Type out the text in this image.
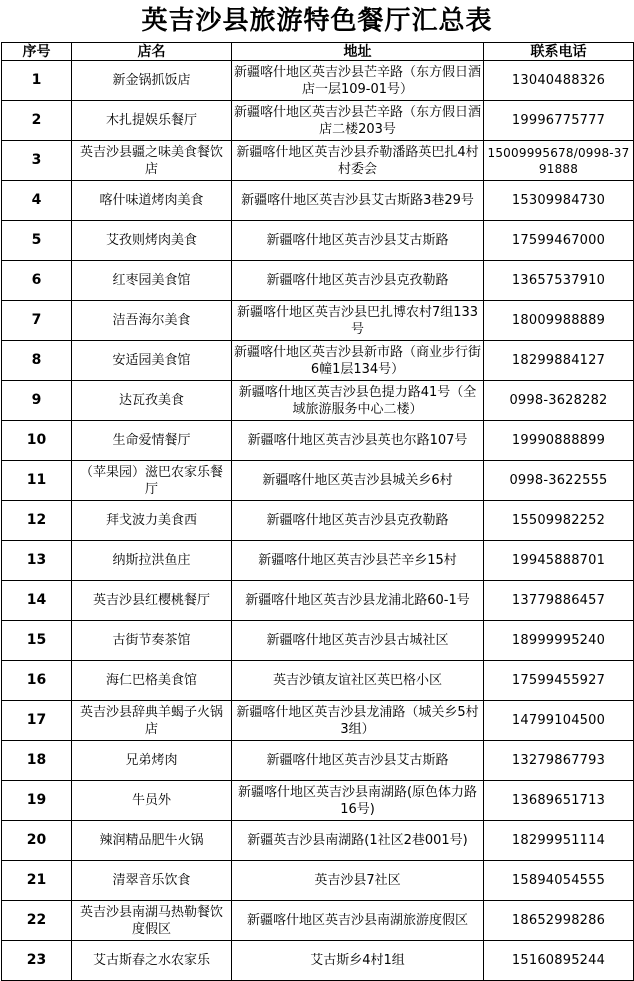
英吉沙县旅游特色餐厅汇总表
序号	店名	地址	联系电话
1	新金锅抓饭店	新疆喀什地区英吉沙县芒辛路（东方假日酒店一层109-01号）	13040488326
2	木扎提娱乐餐厅	新疆喀什地区英吉沙县芒辛路（东方假日酒店二楼203号	19996775777
3	英吉沙县疆之味美食餐饮店	新疆喀什地区英吉沙县乔勒潘路英巴扎4村村委会	15009995678/0998-3791888
4	喀什味道烤肉美食	新疆喀什地区英吉沙县艾古斯路3巷29号	15309984730
5	艾孜则烤肉美食	新疆喀什地区英吉沙县艾古斯路	17599467000
6	红枣园美食馆	新疆喀什地区英吉沙县克孜勒路	13657537910
7	洁吾海尔美食	新疆喀什地区英吉沙县巴扎博农村7组133号	18009988889
8	安适园美食馆	新疆喀什地区英吉沙县新市路（商业步行街6幢1层134号）	18299884127
9	达瓦孜美食	新疆喀什地区英吉沙县色提力路41号（全域旅游服务中心二楼）	0998-3628282
10	生命爱情餐厅	新疆喀什地区英吉沙县英也尔路107号	19990888899
11	（苹果园）滋巴农家乐餐厅	新疆喀什地区英吉沙县城关乡6村	0998-3622555
12	拜戈波力美食西	新疆喀什地区英吉沙县克孜勒路	15509982252
13	纳斯拉洪鱼庄	新疆喀什地区英吉沙县芒辛乡15村	19945888701
14	英吉沙县红樱桃餐厅	新疆喀什地区英吉沙县龙浦北路60-1号	13779886457
15	古街节奏茶馆	新疆喀什地区英吉沙县古城社区	18999995240
16	海仁巴格美食馆	英吉沙镇友谊社区英巴格小区	17599455927
17	英吉沙县辞典羊蝎子火锅店	新疆喀什地区英吉沙县龙浦路（城关乡5村3组）	14799104500
18	兄弟烤肉	新疆喀什地区英吉沙县艾古斯路	13279867793
19	牛员外	新疆喀什地区英吉沙县南湖路(原色体力路16号)	13689651713
20	辣润精品肥牛火锅	新疆英吉沙县南湖路(1社区2巷001号)	18299951114
21	清翠音乐饮食	英吉沙县7社区	15894054555
22	英吉沙县南湖马热勒餐饮度假区	新疆喀什地区英吉沙县南湖旅游度假区	18652998286
23	艾古斯春之水农家乐	艾古斯乡4村1组	15160895244
